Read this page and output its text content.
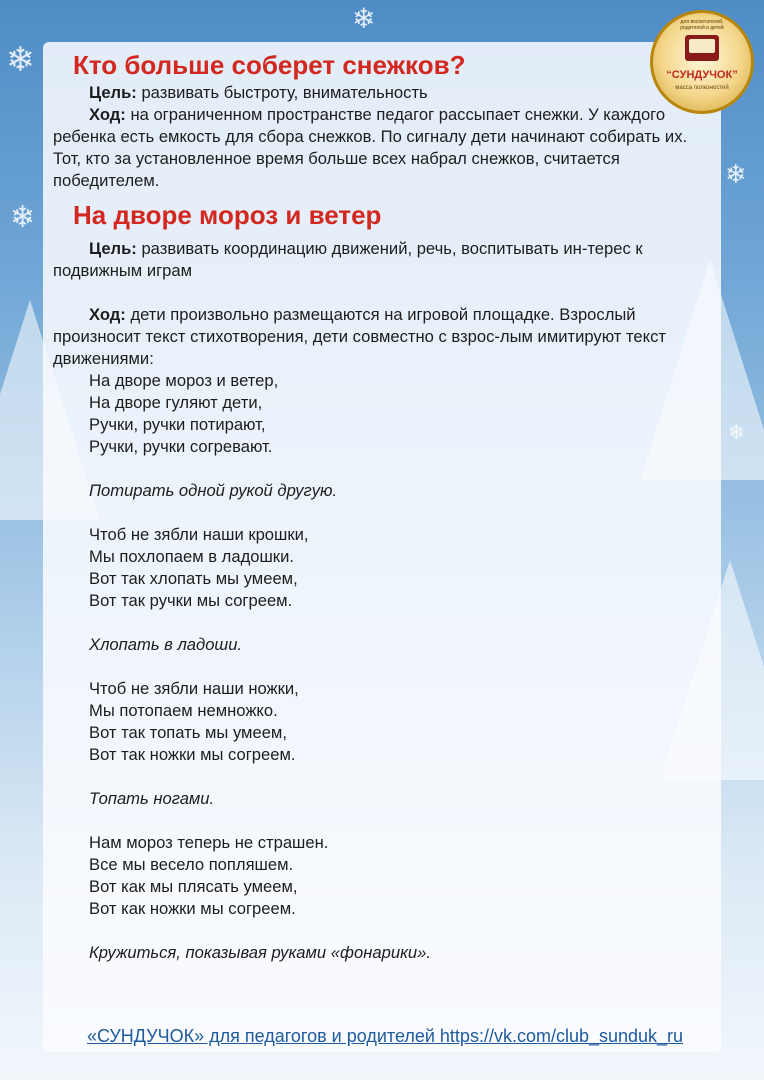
❄
❄
❄
❄
❄
для воспитателей, родителей и детей
“СУНДУЧОК”
масса полезностей
Кто больше соберет снежков?

Цель: развивать быстроту, внимательность

Ход: на ограниченном пространстве педагог рассыпает снежки. У каждого ребенка есть емкость для сбора снежков. По сигналу дети начинают собирать их. Тот, кто за установленное время больше всех набрал снежков, считается победителем.

На дворе мороз и ветер

Цель: развивать координацию движений, речь, воспитывать ин-терес к подвижным играм

Ход: дети произвольно размещаются на игровой площадке. Взрослый произносит текст стихотворения, дети совместно с взрос-лым имитируют текст движениями:

На дворе мороз и ветер,

На дворе гуляют дети,

Ручки, ручки потирают,

Ручки, ручки согревают.

Потирать одной рукой другую.

Чтоб не зябли наши крошки,

Мы похлопаем в ладошки.

Вот так хлопать мы умеем,

Вот так ручки мы согреем.

Хлопать в ладоши.

Чтоб не зябли наши ножки,

Мы потопаем немножко.

Вот так топать мы умеем,

Вот так ножки мы согреем.

Топать ногами.

Нам мороз теперь не страшен.

Все мы весело попляшем.

Вот как мы плясать умеем,

Вот как ножки мы согреем.

Кружиться, показывая руками «фонарики».

«СУНДУЧОК» для педагогов и родителей https://vk.com/club_sunduk_ru
